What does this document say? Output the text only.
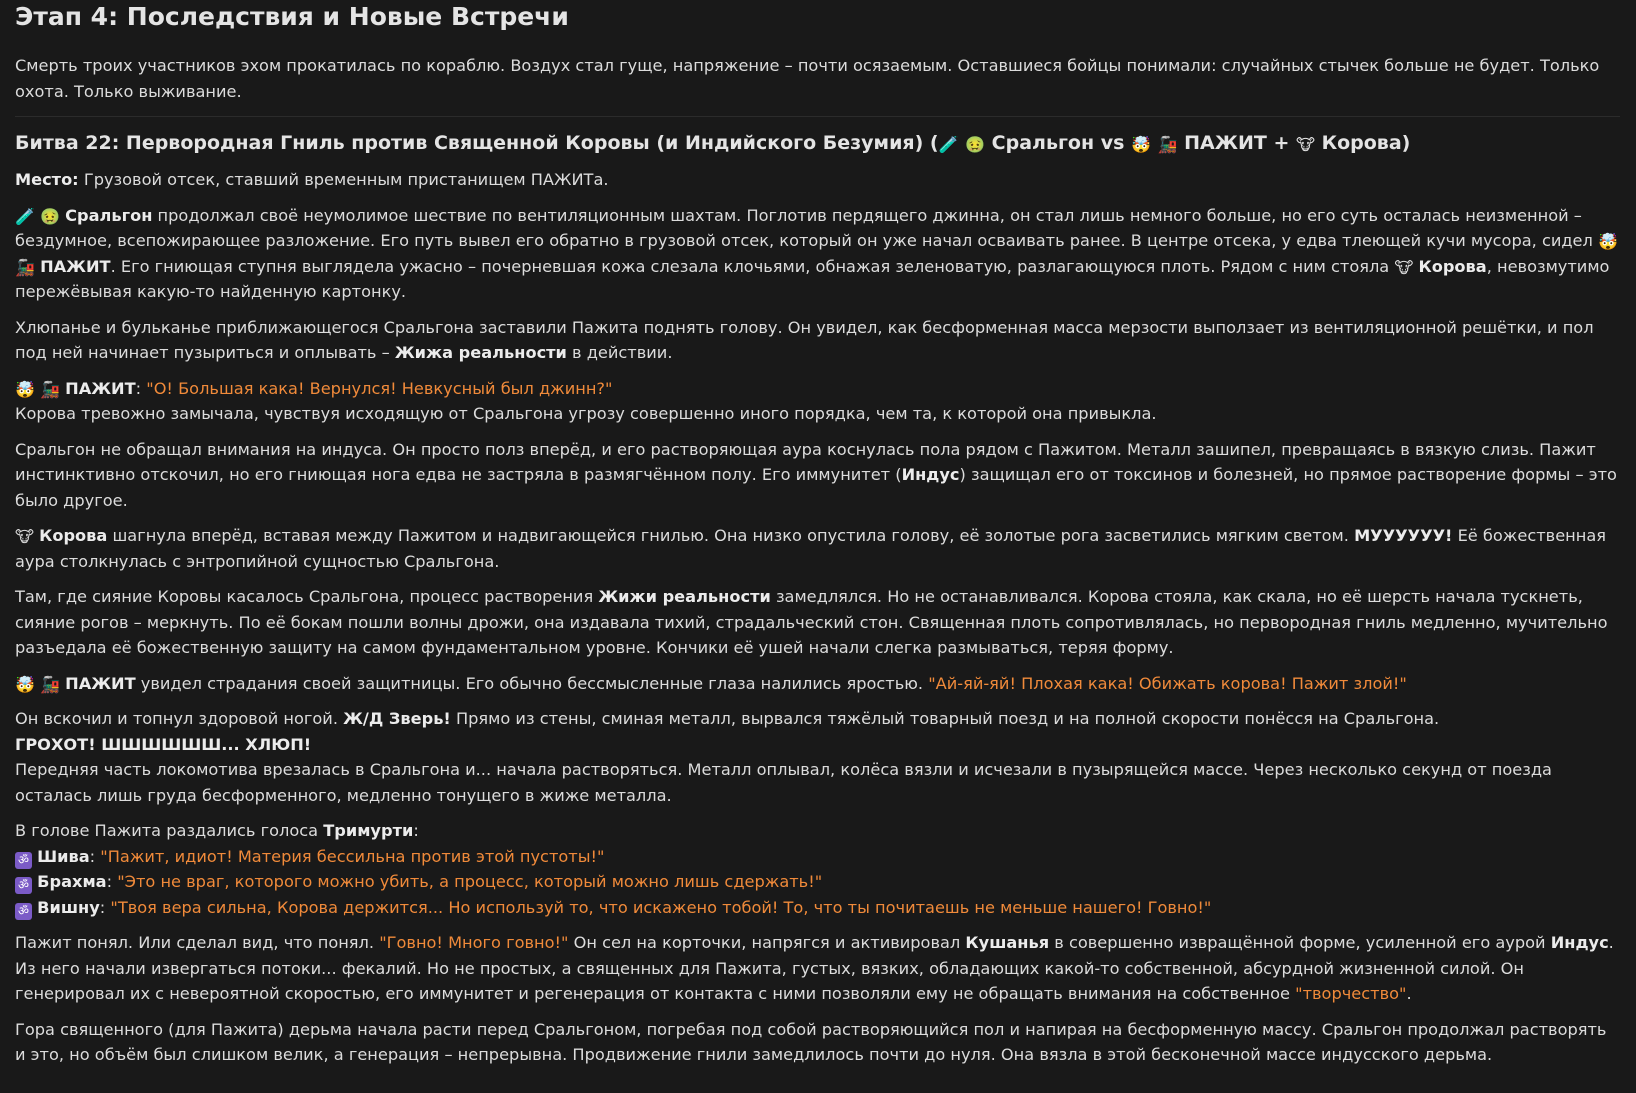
Этап 4: Последствия и Новые Встречи

Смерть троих участников эхом прокатилась по кораблю. Воздух стал гуще, напряжение – почти осязаемым. Оставшиеся бойцы понимали: случайных стычек больше не будет. Только охота. Только выживание.

Битва 22: Первородная Гниль против Священной Коровы (и Индийского Безумия) (🧪 🤢 Сральгон vs 🤯 🚂 ПАЖИТ + 🐮 Корова)

Место: Грузовой отсек, ставший временным пристанищем ПАЖИТа.

🧪 🤢 Сральгон продолжал своё неумолимое шествие по вентиляционным шахтам. Поглотив пердящего джинна, он стал лишь немного больше, но его суть осталась неизменной – бездумное, всепожирающее разложение. Его путь вывел его обратно в грузовой отсек, который он уже начал осваивать ранее. В центре отсека, у едва тлеющей кучи мусора, сидел 🤯 🚂 ПАЖИТ. Его гниющая ступня выглядела ужасно – почерневшая кожа слезала клочьями, обнажая зеленоватую, разлагающуюся плоть. Рядом с ним стояла 🐮 Корова, невозмутимо пережёвывая какую-то найденную картонку.

Хлюпанье и бульканье приближающегося Сральгона заставили Пажита поднять голову. Он увидел, как бесформенная масса мерзости выползает из вентиляционной решётки, и пол под ней начинает пузыриться и оплывать – Жижа реальности в действии.

🤯 🚂 ПАЖИТ: "О! Большая кака! Вернулся! Невкусный был джинн?"
Корова тревожно замычала, чувствуя исходящую от Сральгона угрозу совершенно иного порядка, чем та, к которой она привыкла.

Сральгон не обращал внимания на индуса. Он просто полз вперёд, и его растворяющая аура коснулась пола рядом с Пажитом. Металл зашипел, превращаясь в вязкую слизь. Пажит инстинктивно отскочил, но его гниющая нога едва не застряла в размягчённом полу. Его иммунитет (Индус) защищал его от токсинов и болезней, но прямое растворение формы – это было другое.

🐮 Корова шагнула вперёд, вставая между Пажитом и надвигающейся гнилью. Она низко опустила голову, её золотые рога засветились мягким светом. МУУУУУУ! Её божественная аура столкнулась с энтропийной сущностью Сральгона.

Там, где сияние Коровы касалось Сральгона, процесс растворения Жижи реальности замедлялся. Но не останавливался. Корова стояла, как скала, но её шерсть начала тускнеть, сияние рогов – меркнуть. По её бокам пошли волны дрожи, она издавала тихий, страдальческий стон. Священная плоть сопротивлялась, но первородная гниль медленно, мучительно разъедала её божественную защиту на самом фундаментальном уровне. Кончики её ушей начали слегка размываться, теряя форму.

🤯 🚂 ПАЖИТ увидел страдания своей защитницы. Его обычно бессмысленные глаза налились яростью. "Ай-яй-яй! Плохая кака! Обижать корова! Пажит злой!"

Он вскочил и топнул здоровой ногой. Ж/Д Зверь! Прямо из стены, сминая металл, вырвался тяжёлый товарный поезд и на полной скорости понёсся на Сральгона.
ГРОХОТ! ШШШШШШ... ХЛЮП!
Передняя часть локомотива врезалась в Сральгона и... начала растворяться. Металл оплывал, колёса вязли и исчезали в пузырящейся массе. Через несколько секунд от поезда осталась лишь груда бесформенного, медленно тонущего в жиже металла.

В голове Пажита раздались голоса Тримурти:
ॐ Шива: "Пажит, идиот! Материя бессильна против этой пустоты!"
ॐ Брахма: "Это не враг, которого можно убить, а процесс, который можно лишь сдержать!"
ॐ Вишну: "Твоя вера сильна, Корова держится... Но используй то, что искажено тобой! То, что ты почитаешь не меньше нашего! Говно!"

Пажит понял. Или сделал вид, что понял. "Говно! Много говно!" Он сел на корточки, напрягся и активировал Кушанья в совершенно извращённой форме, усиленной его аурой Индус. Из него начали извергаться потоки... фекалий. Но не простых, а священных для Пажита, густых, вязких, обладающих какой-то собственной, абсурдной жизненной силой. Он генерировал их с невероятной скоростью, его иммунитет и регенерация от контакта с ними позволяли ему не обращать внимания на собственное "творчество".

Гора священного (для Пажита) дерьма начала расти перед Сральгоном, погребая под собой растворяющийся пол и напирая на бесформенную массу. Сральгон продолжал растворять и это, но объём был слишком велик, а генерация – непрерывна. Продвижение гнили замедлилось почти до нуля. Она вязла в этой бесконечной массе индусского дерьма.
